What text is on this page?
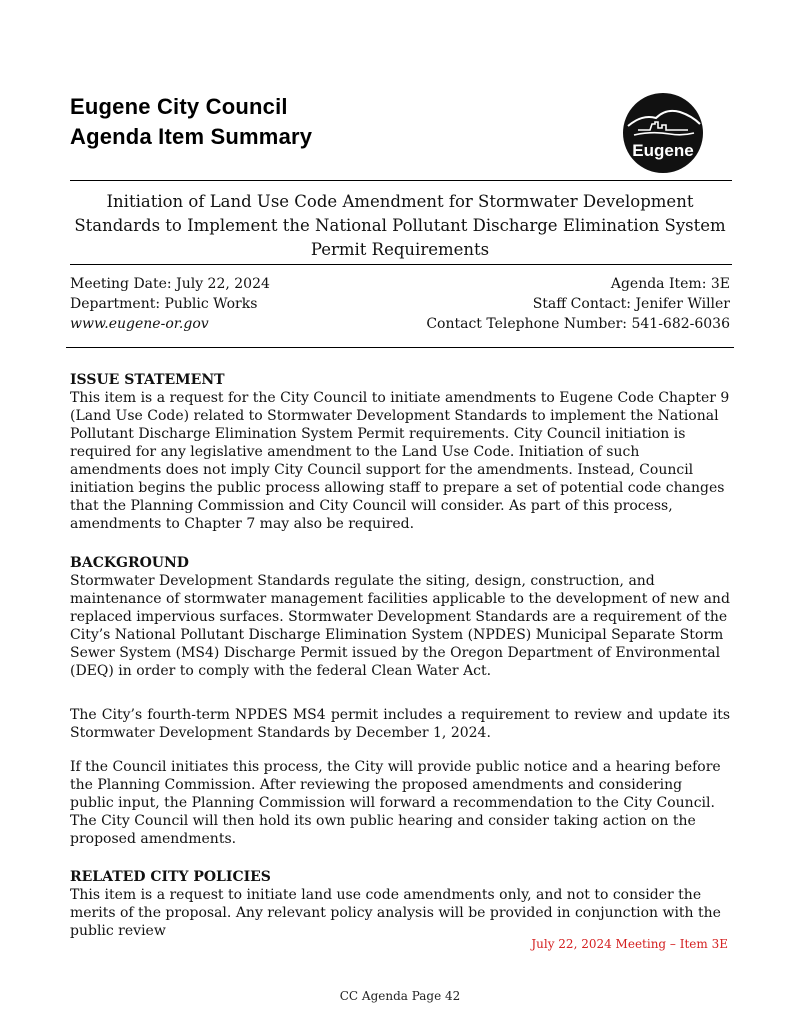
Eugene City Council
Agenda Item Summary
Eugene
Initiation of Land Use Code Amendment for Stormwater Development Standards to Implement the National Pollutant Discharge Elimination System Permit Requirements
Meeting Date: July 22, 2024	Agenda Item: 3E
Department: Public Works	Staff Contact: Jenifer Willer
www.eugene-or.gov	Contact Telephone Number: 541-682-6036
ISSUE STATEMENT

This item is a request for the City Council to initiate amendments to Eugene Code Chapter 9 (Land Use Code) related to Stormwater Development Standards to implement the National Pollutant Discharge Elimination System Permit requirements. City Council initiation is required for any legislative amendment to the Land Use Code. Initiation of such amendments does not imply City Council support for the amendments. Instead, Council initiation begins the public process allowing staff to prepare a set of potential code changes that the Planning Commission and City Council will consider. As part of this process, amendments to Chapter 7 may also be required.

BACKGROUND

Stormwater Development Standards regulate the siting, design, construction, and maintenance of stormwater management facilities applicable to the development of new and replaced impervious surfaces. Stormwater Development Standards are a requirement of the City’s National Pollutant Discharge Elimination System (NPDES) Municipal Separate Storm Sewer System (MS4) Discharge Permit issued by the Oregon Department of Environmental (DEQ) in order to comply with the federal Clean Water Act.

The City’s fourth-term NPDES MS4 permit includes a requirement to review and update its Stormwater Development Standards by December 1, 2024.

If the Council initiates this process, the City will provide public notice and a hearing before the Planning Commission. After reviewing the proposed amendments and considering public input, the Planning Commission will forward a recommendation to the City Council. The City Council will then hold its own public hearing and consider taking action on the proposed amendments.

RELATED CITY POLICIES

This item is a request to initiate land use code amendments only, and not to consider the merits of the proposal. Any relevant policy analysis will be provided in conjunction with the public review

July 22, 2024 Meeting – Item 3E
CC Agenda Page 42
